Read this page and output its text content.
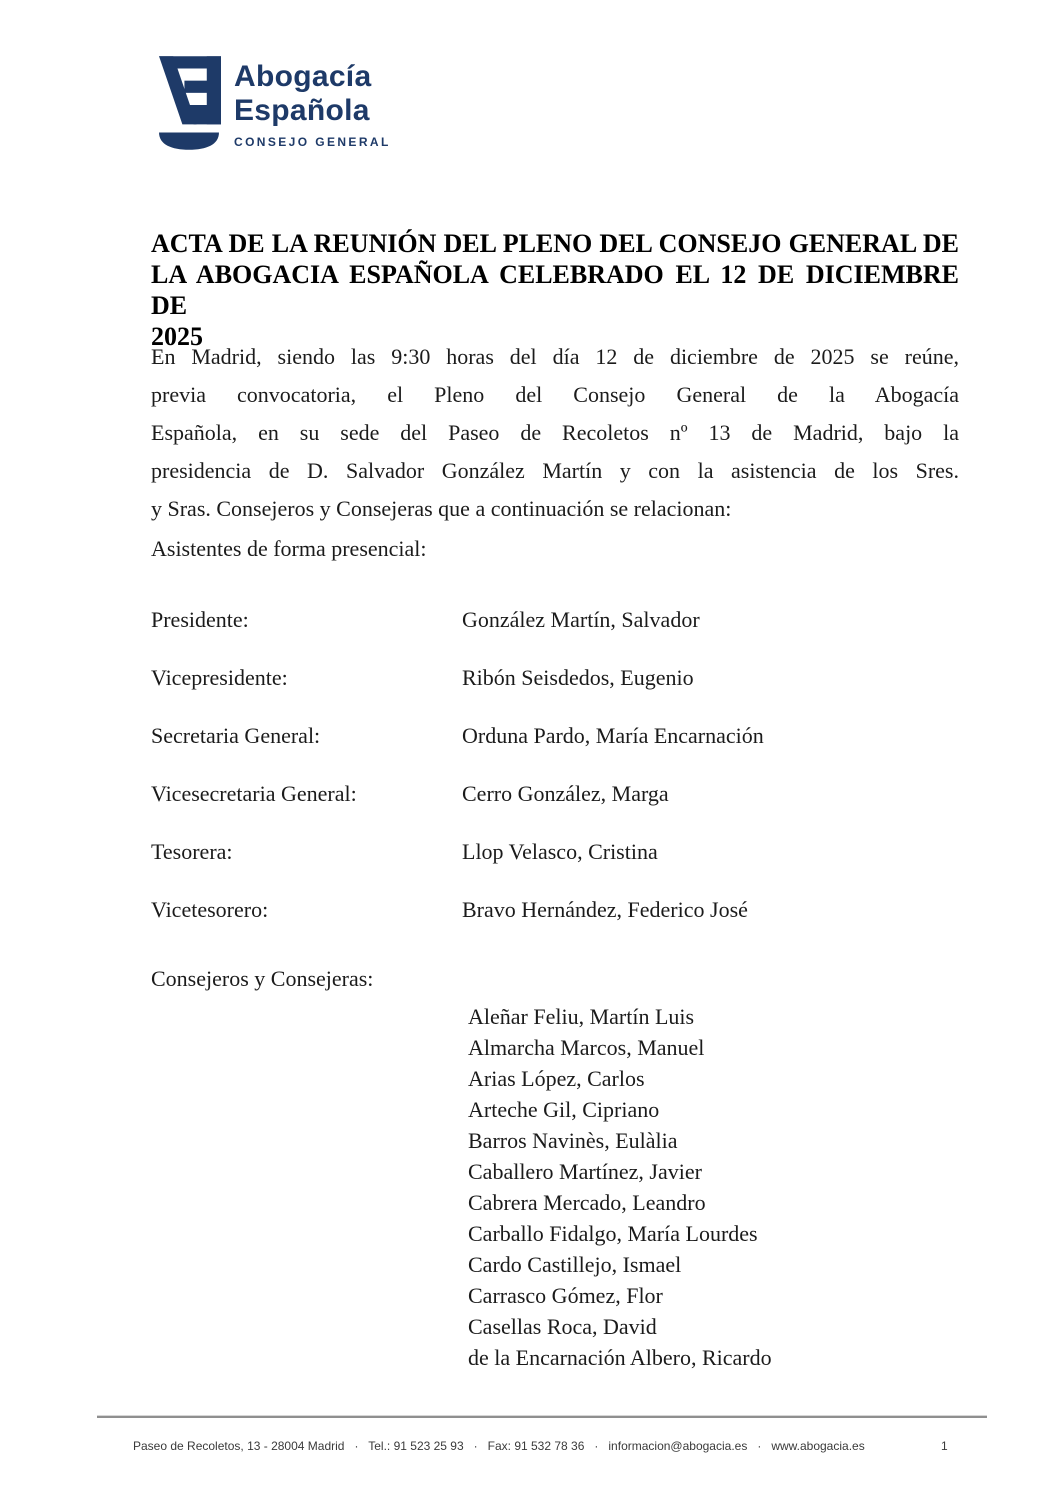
Abogacía
Española
CONSEJO GENERAL
ACTA DE LA REUNIÓN DEL PLENO DEL CONSEJO GENERAL DE
LA ABOGACIA ESPAÑOLA CELEBRADO EL 12 DE DICIEMBRE DE
2025
En Madrid, siendo las 9:30 horas del día 12 de diciembre de 2025 se reúne,
previa convocatoria, el Pleno del Consejo General de la Abogacía
Española, en su sede del Paseo de Recoletos nº 13 de Madrid, bajo la
presidencia de D. Salvador González Martín y con la asistencia de los Sres.
y Sras. Consejeros y Consejeras que a continuación se relacionan:
Asistentes de forma presencial:
Presidente:	González Martín, Salvador
Vicepresidente:	Ribón Seisdedos, Eugenio
Secretaria General:	Orduna Pardo, María Encarnación
Vicesecretaria General:	Cerro González, Marga
Tesorera:	Llop Velasco, Cristina
Vicetesorero:	Bravo Hernández, Federico José
Consejeros y Consejeras:
Aleñar Feliu, Martín Luis
Almarcha Marcos, Manuel
Arias López, Carlos
Arteche Gil, Cipriano
Barros Navinès, Eulàlia
Caballero Martínez, Javier
Cabrera Mercado, Leandro
Carballo Fidalgo, María Lourdes
Cardo Castillejo, Ismael
Carrasco Gómez, Flor
Casellas Roca, David
de la Encarnación Albero, Ricardo
Paseo de Recoletos, 13 - 28004 Madrid   ·   Tel.: 91 523 25 93   ·   Fax: 91 532 78 36   ·   informacion@abogacia.es   ·   www.abogacia.es	1
